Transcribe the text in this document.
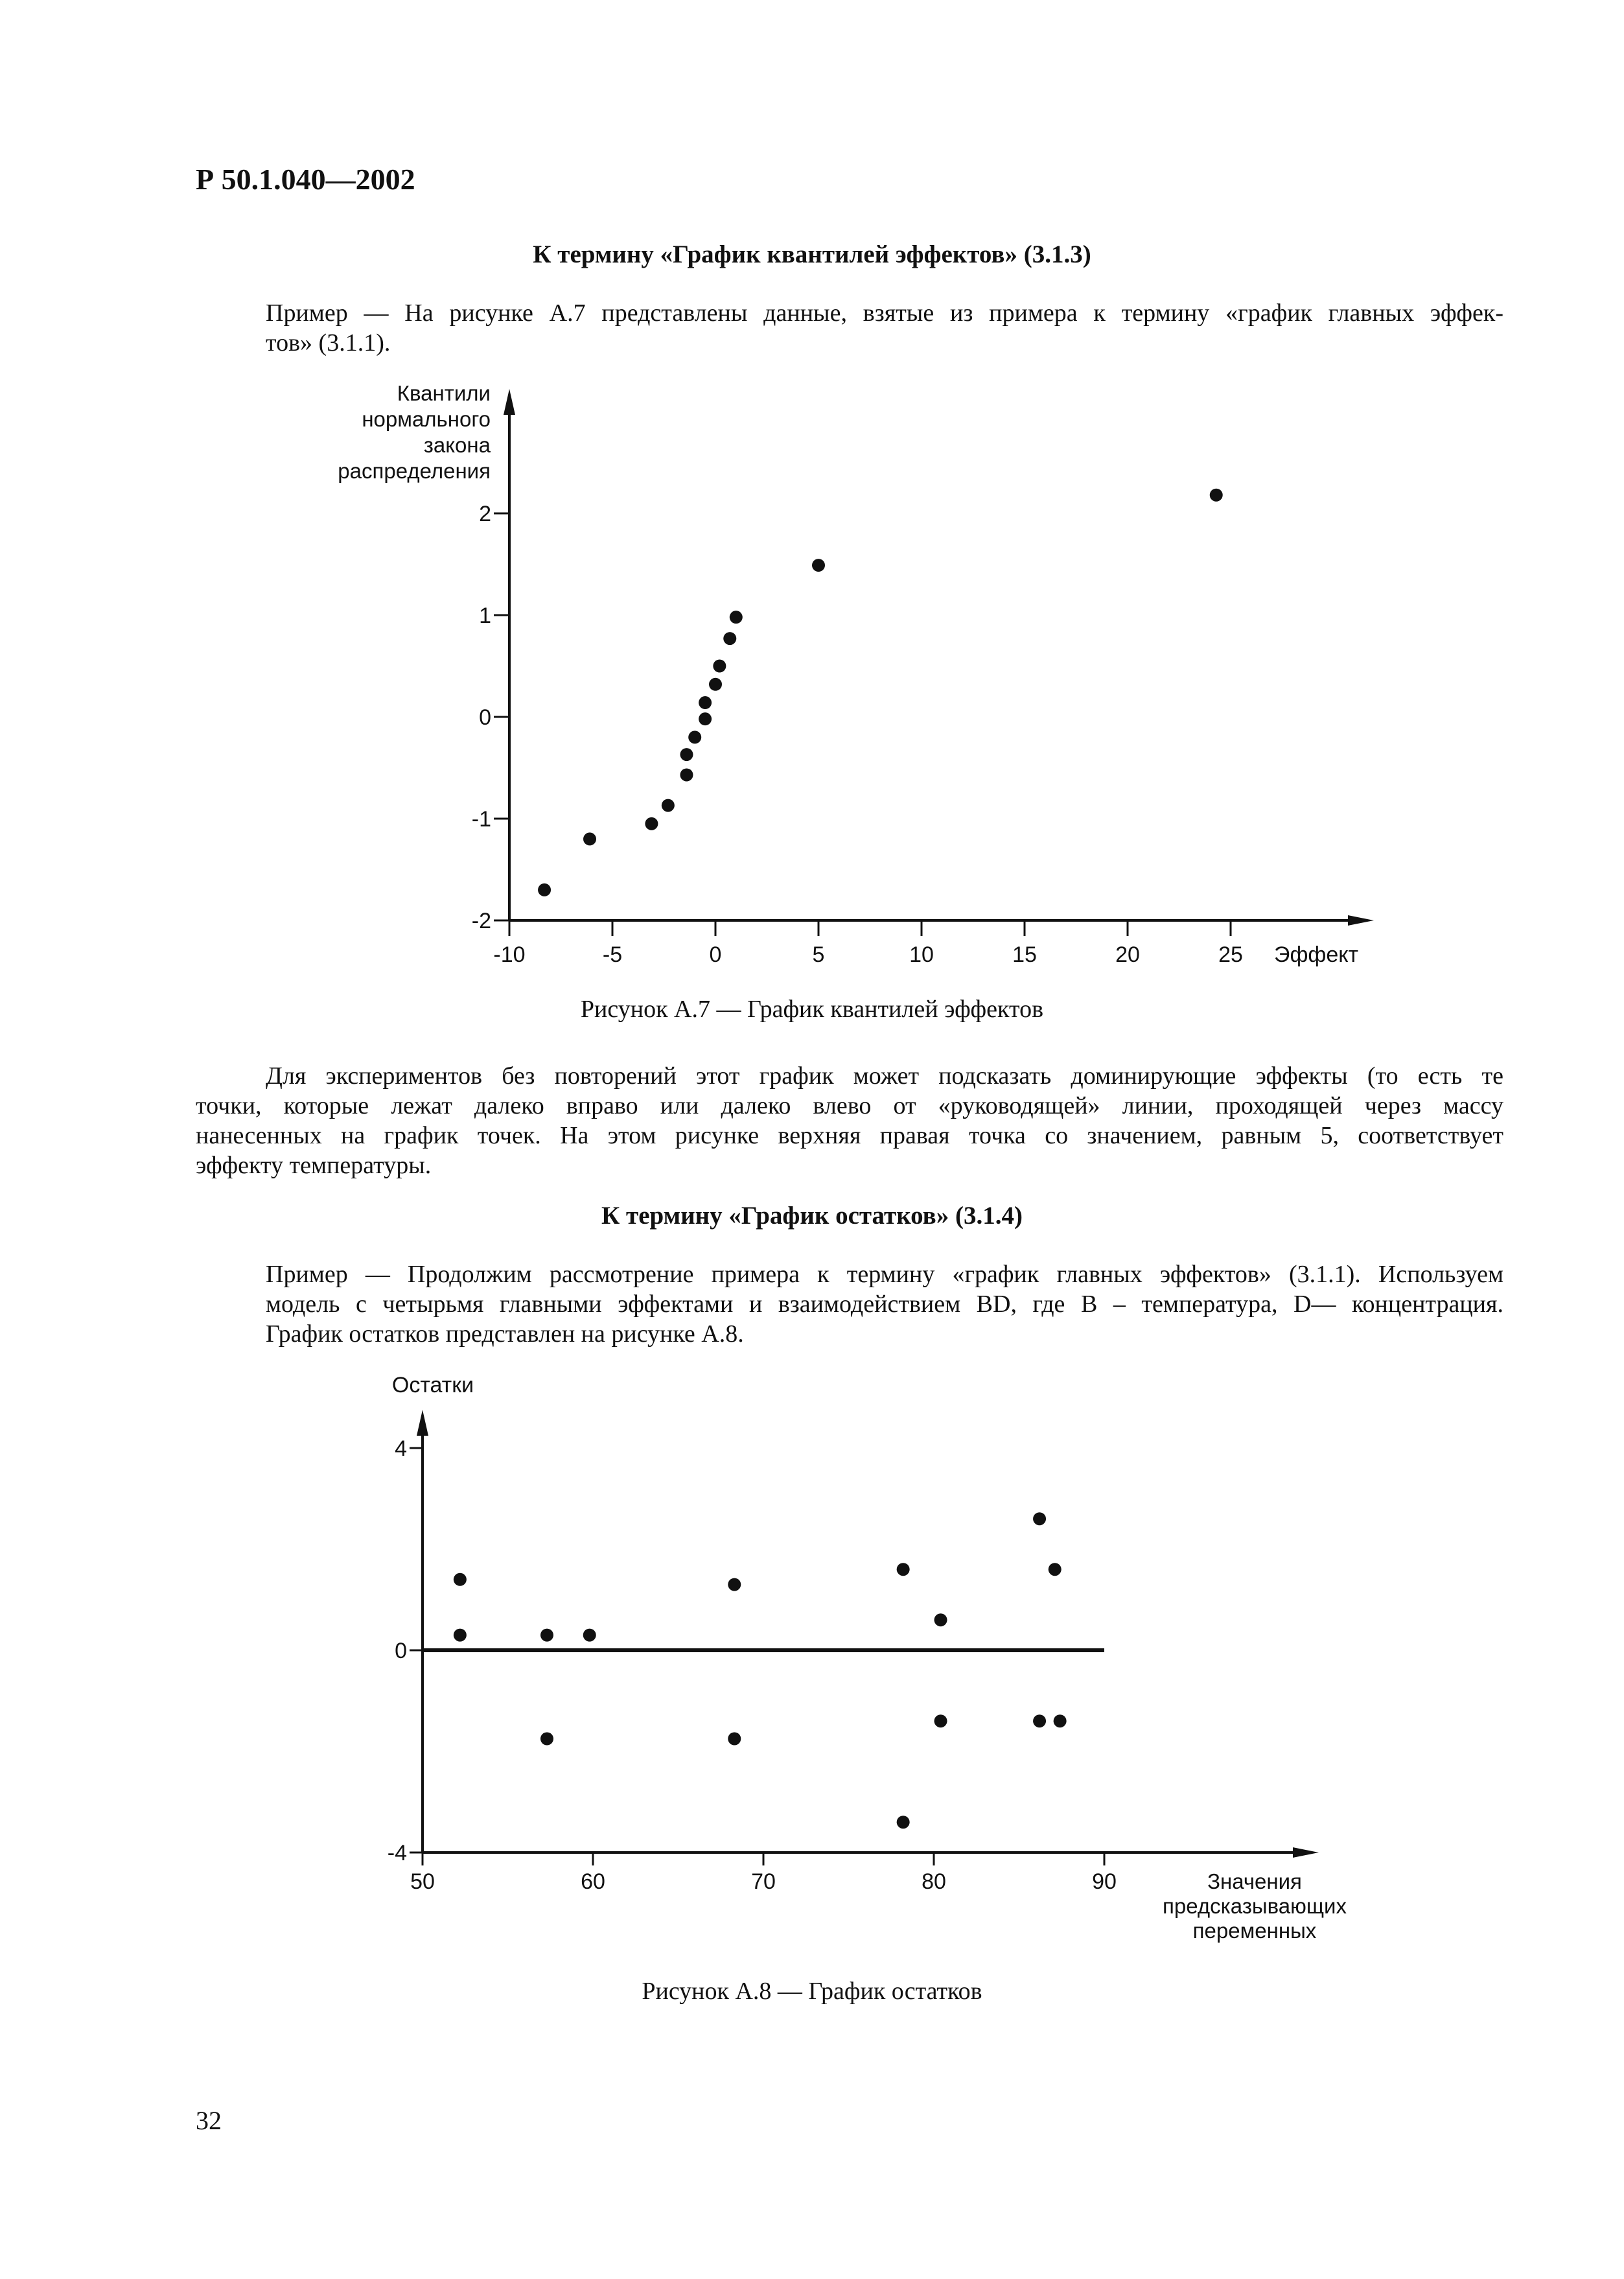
Р 50.1.040—2002
К термину «График квантилей эффектов» (3.1.3)
Пример — На рисунке А.7 представлены данные, взятые из примера к термину «график главных эффек-
тов» (3.1.1).
-10	-5	0	5	10	15	20	25
-2
-1
0
1
2
Квантили
нормального
закона
распределения
Эффект
Рисунок А.7 — График квантилей эффектов
Для экспериментов без повторений этот график может подсказать доминирующие эффекты (то есть те
точки, которые лежат далеко вправо или далеко влево от «руководящей» линии, проходящей через массу
нанесенных на график точек. На этом рисунке верхняя правая точка со значением, равным 5, соответствует
эффекту температуры.
К термину «График остатков» (3.1.4)
Пример — Продолжим рассмотрение примера к термину «график главных эффектов» (3.1.1). Используем
модель с четырьмя главными эффектами и взаимодействием BD, где В – температура, D— концентрация.
График остатков представлен на рисунке А.8.
50	60	70	80	90
-4
0
4
Остатки
Значения
предсказывающих
переменных
Рисунок А.8 — График остатков
32
